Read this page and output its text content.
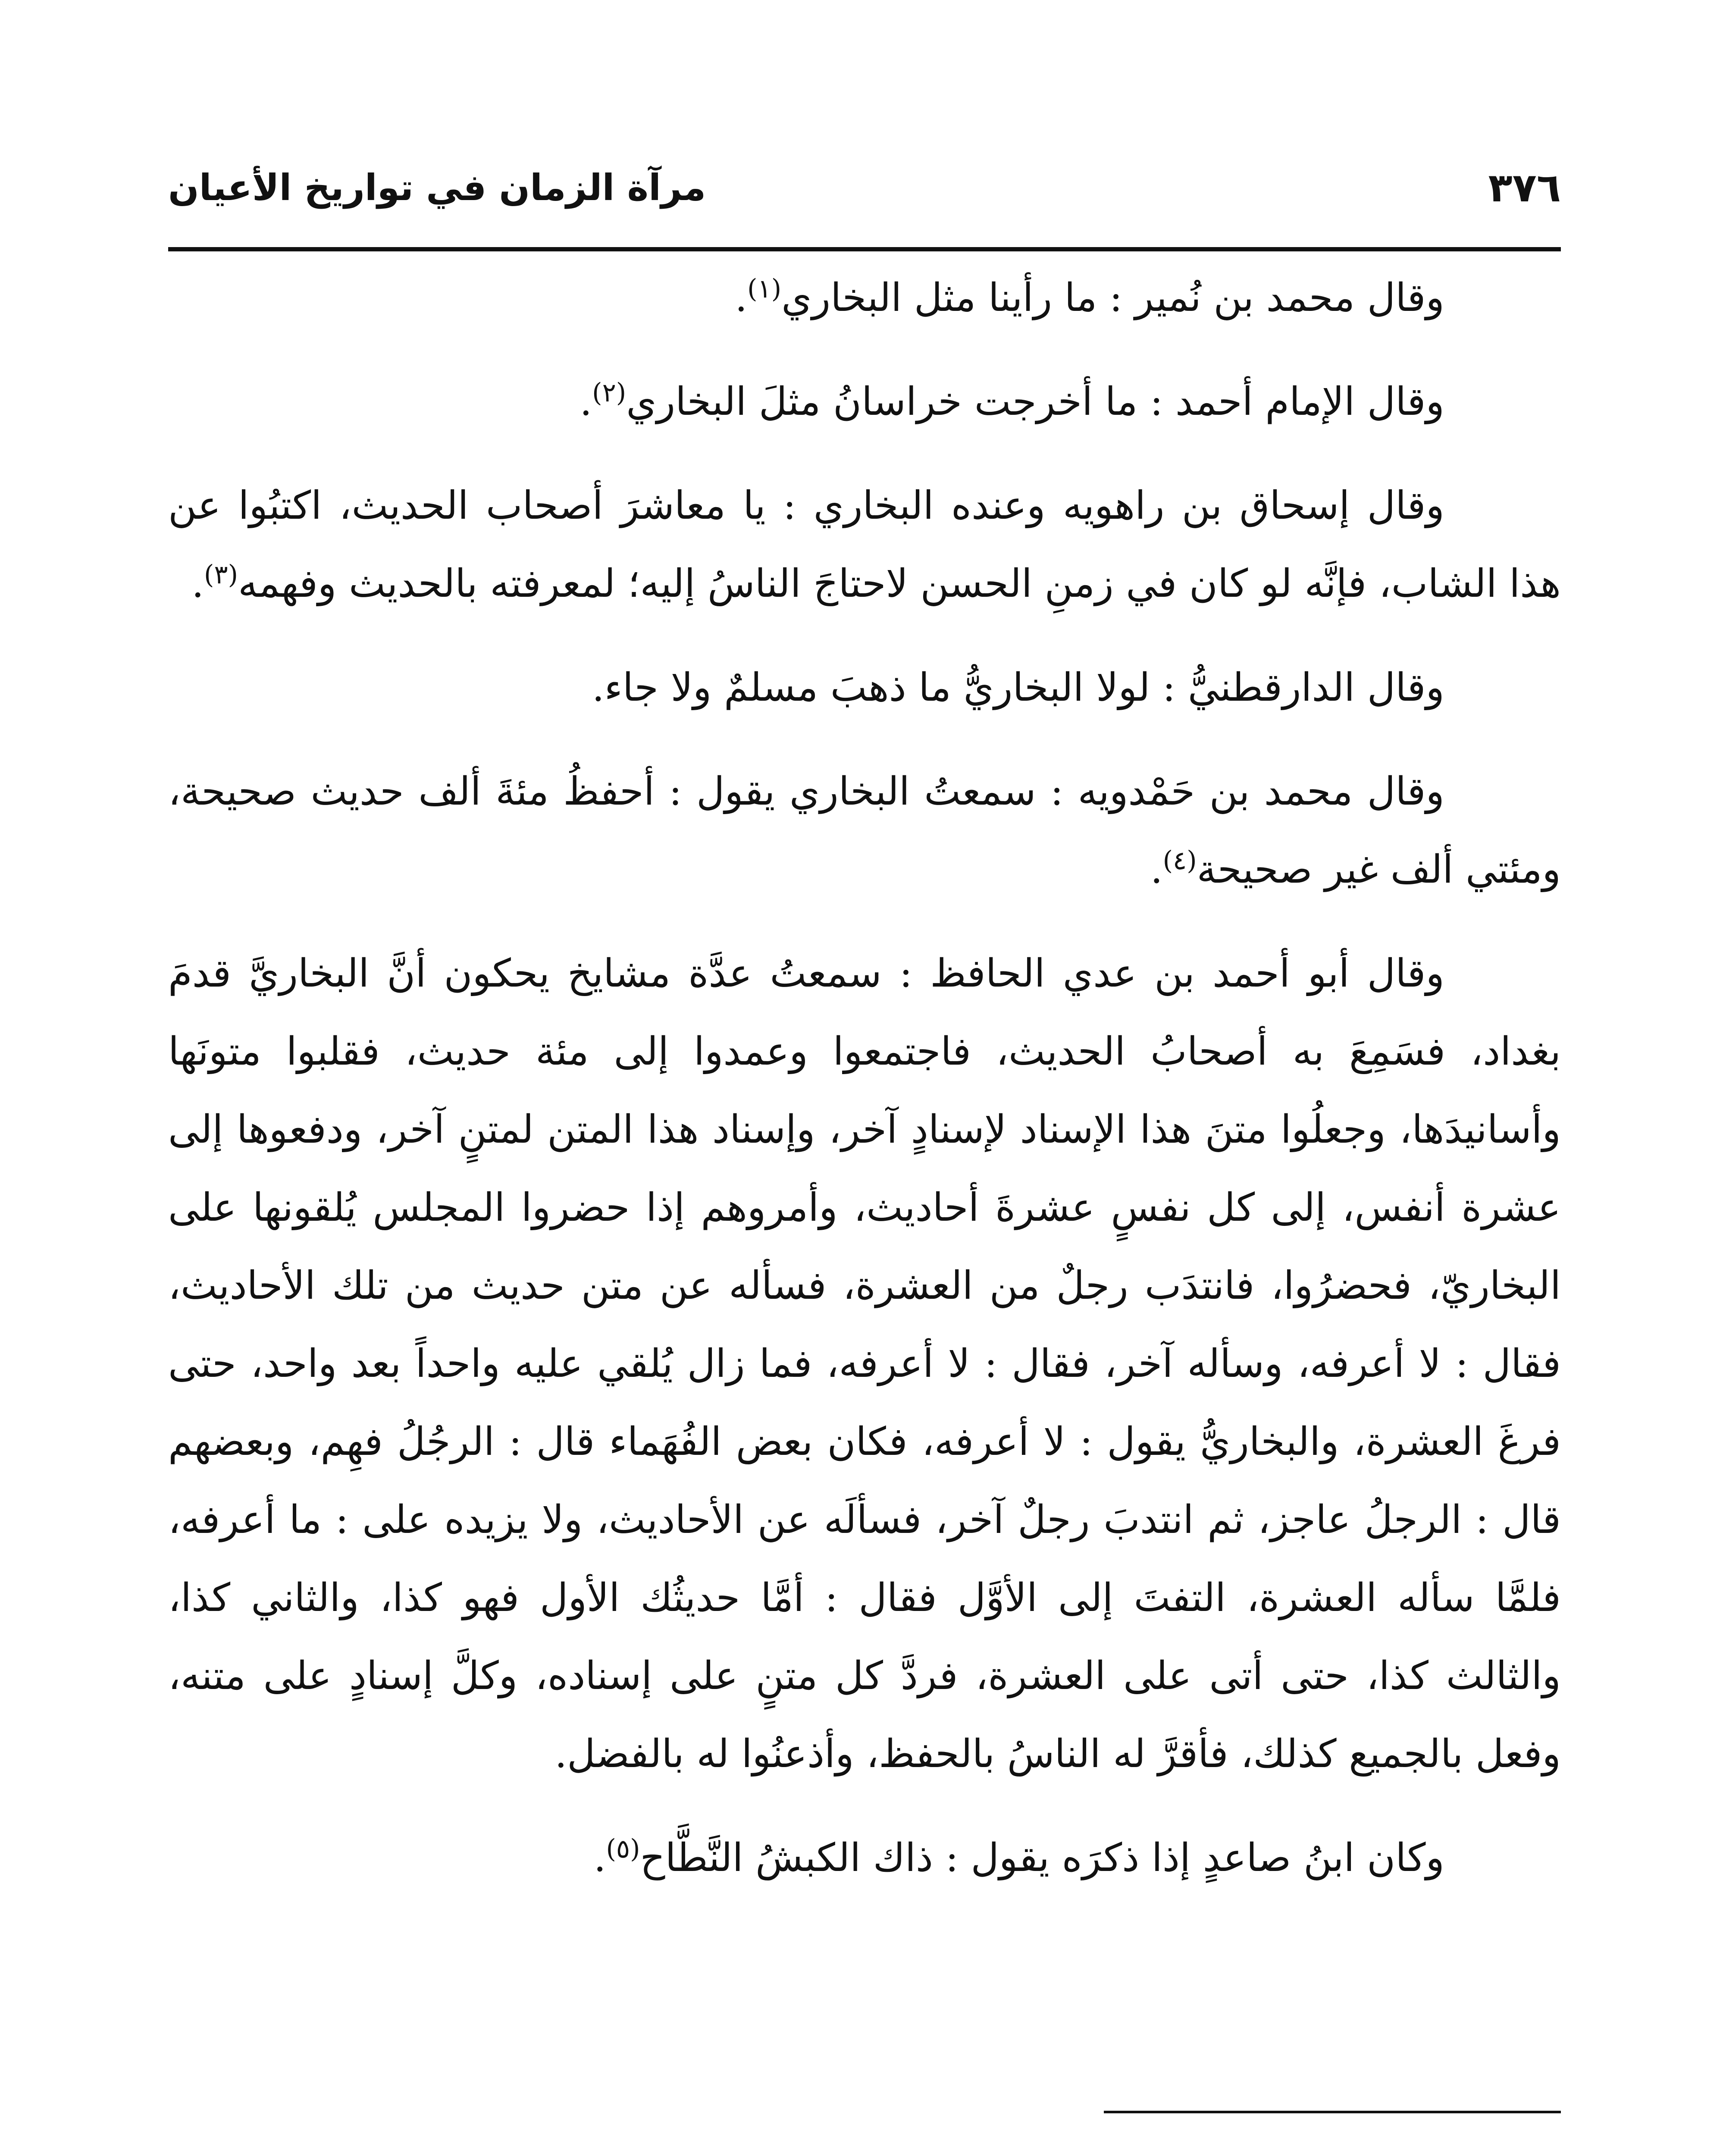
٣٧٦
مرآة الزمان في تواريخ الأعيان

وقال محمد بن نُمير : ما رأينا مثل البخاري$^{(١)}$.

وقال الإمام أحمد : ما أخرجت خراسانُ مثلَ البخاري$^{(٢)}$.

وقال إسحاق بن راهويه وعنده البخاري : يا معاشرَ أصحاب الحديث، اكتبُوا عن هذا الشاب، فإنَّه لو كان في زمنِ الحسن لاحتاجَ الناسُ إليه؛ لمعرفته بالحديث وفهمه$^{(٣)}$.

وقال الدارقطنيُّ : لولا البخاريُّ ما ذهبَ مسلمٌ ولا جاء.

وقال محمد بن حَمْدويه : سمعتُ البخاري يقول : أحفظُ مئةَ ألف حديث صحيحة، ومئتي ألف غير صحيحة$^{(٤)}$.

وقال أبو أحمد بن عدي الحافظ : سمعتُ عدَّة مشايخ يحكون أنَّ البخاريَّ قدمَ بغداد، فسَمِعَ به أصحابُ الحديث، فاجتمعوا وعمدوا إلى مئة حديث، فقلبوا متونَها وأسانيدَها، وجعلُوا متنَ هذا الإسناد لإسنادٍ آخر، وإسناد هذا المتن لمتنٍ آخر، ودفعوها إلى عشرة أنفس، إلى كل نفسٍ عشرةَ أحاديث، وأمروهم إذا حضروا المجلس يُلقونها على البخاريّ، فحضرُوا، فانتدَب رجلٌ من العشرة، فسأله عن متن حديث من تلك الأحاديث، فقال : لا أعرفه، وسأله آخر، فقال : لا أعرفه، فما زال يُلقي عليه واحداً بعد واحد، حتى فرغَ العشرة، والبخاريُّ يقول : لا أعرفه، فكان بعض الفُهَماء قال : الرجُلُ فهِم، وبعضهم قال : الرجلُ عاجز، ثم انتدبَ رجلٌ آخر، فسألَه عن الأحاديث، ولا يزيده على : ما أعرفه، فلمَّا سأله العشرة، التفتَ إلى الأوَّل فقال : أمَّا حديثُك الأول فهو كذا، والثاني كذا، والثالث كذا، حتى أتى على العشرة، فردَّ كل متنٍ على إسناده، وكلَّ إسنادٍ على متنه، وفعل بالجميع كذلك، فأقرَّ له الناسُ بالحفظ، وأذعنُوا له بالفضل.

وكان ابنُ صاعدٍ إذا ذكرَه يقول : ذاك الكبشُ النَّطَّاح$^{(٥)}$.
